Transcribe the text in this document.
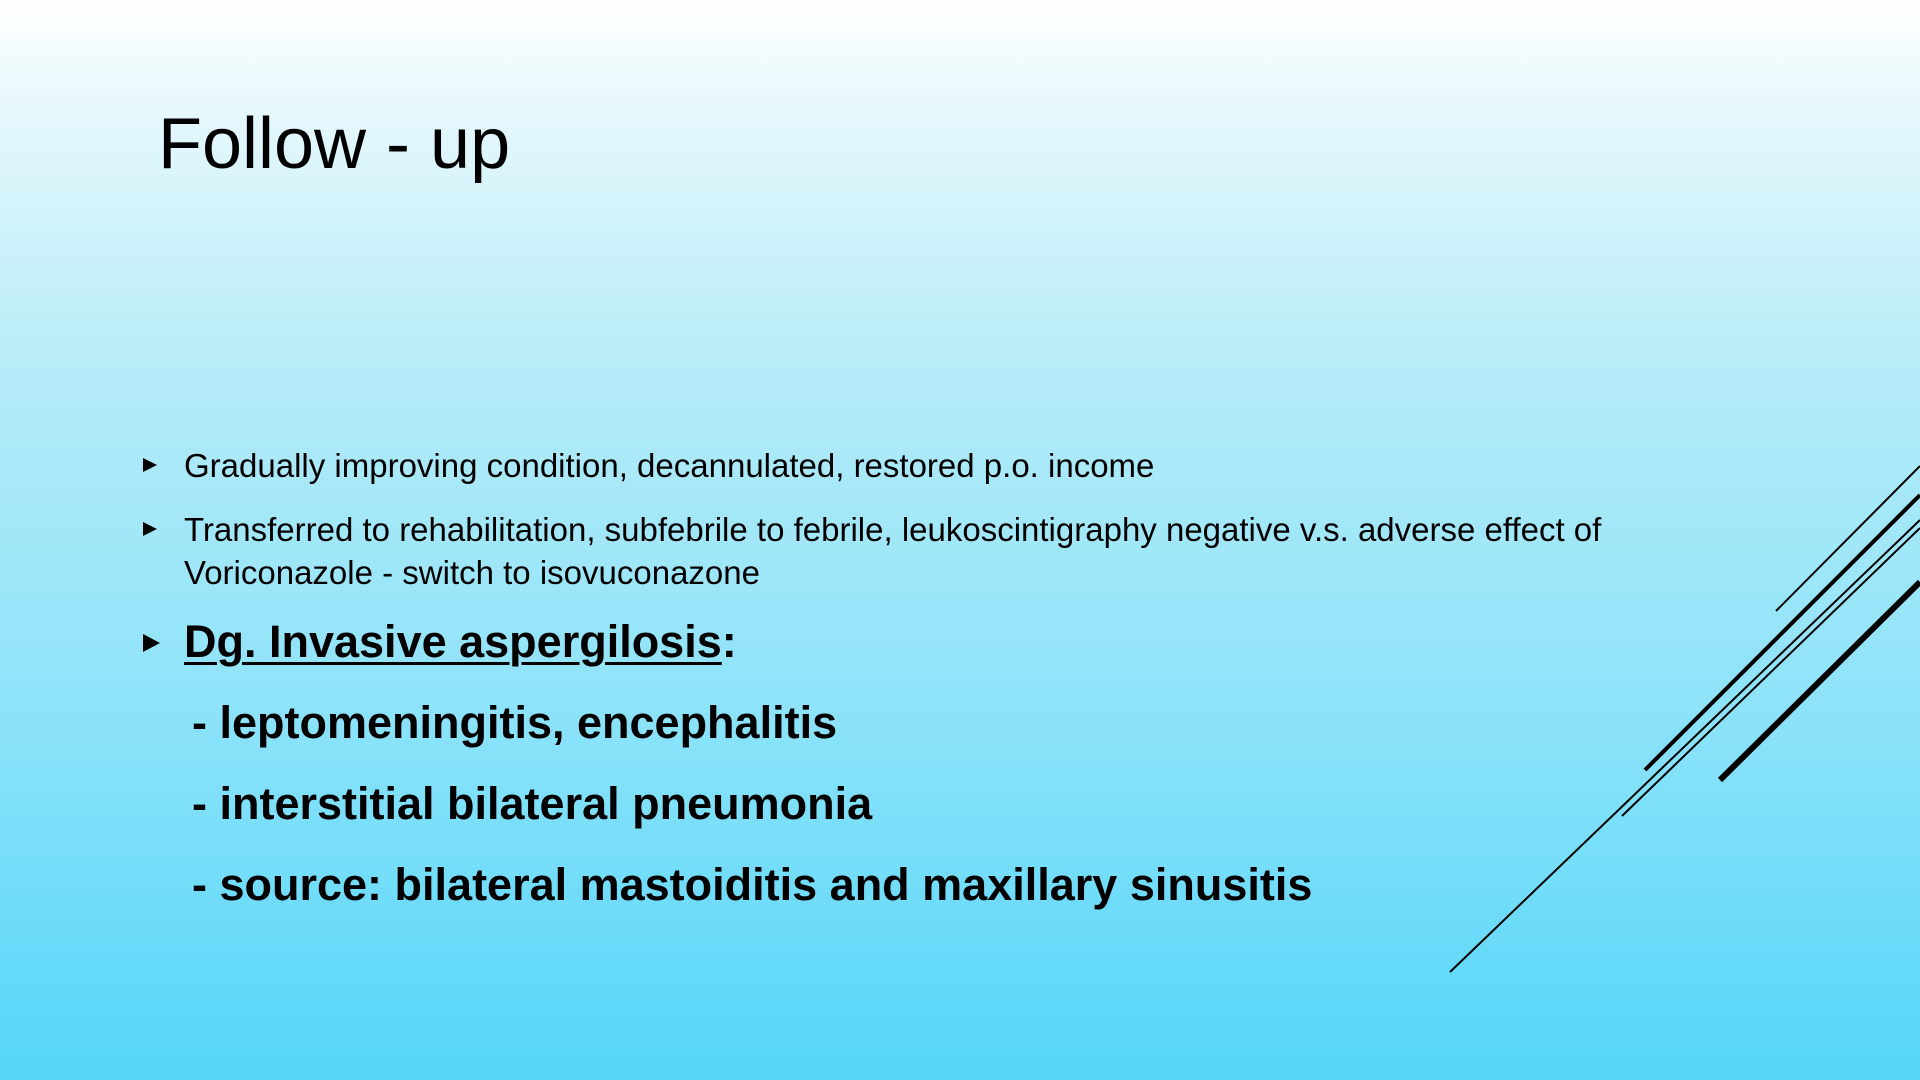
Follow - up
Gradually improving condition, decannulated, restored p.o. income
Transferred to rehabilitation, subfebrile to febrile, leukoscintigraphy negative v.s. adverse effect of Voriconazole - switch to isovuconazone
Dg. Invasive aspergilosis:
- leptomeningitis, encephalitis
- interstitial bilateral pneumonia
- source: bilateral mastoiditis and maxillary sinusitis
